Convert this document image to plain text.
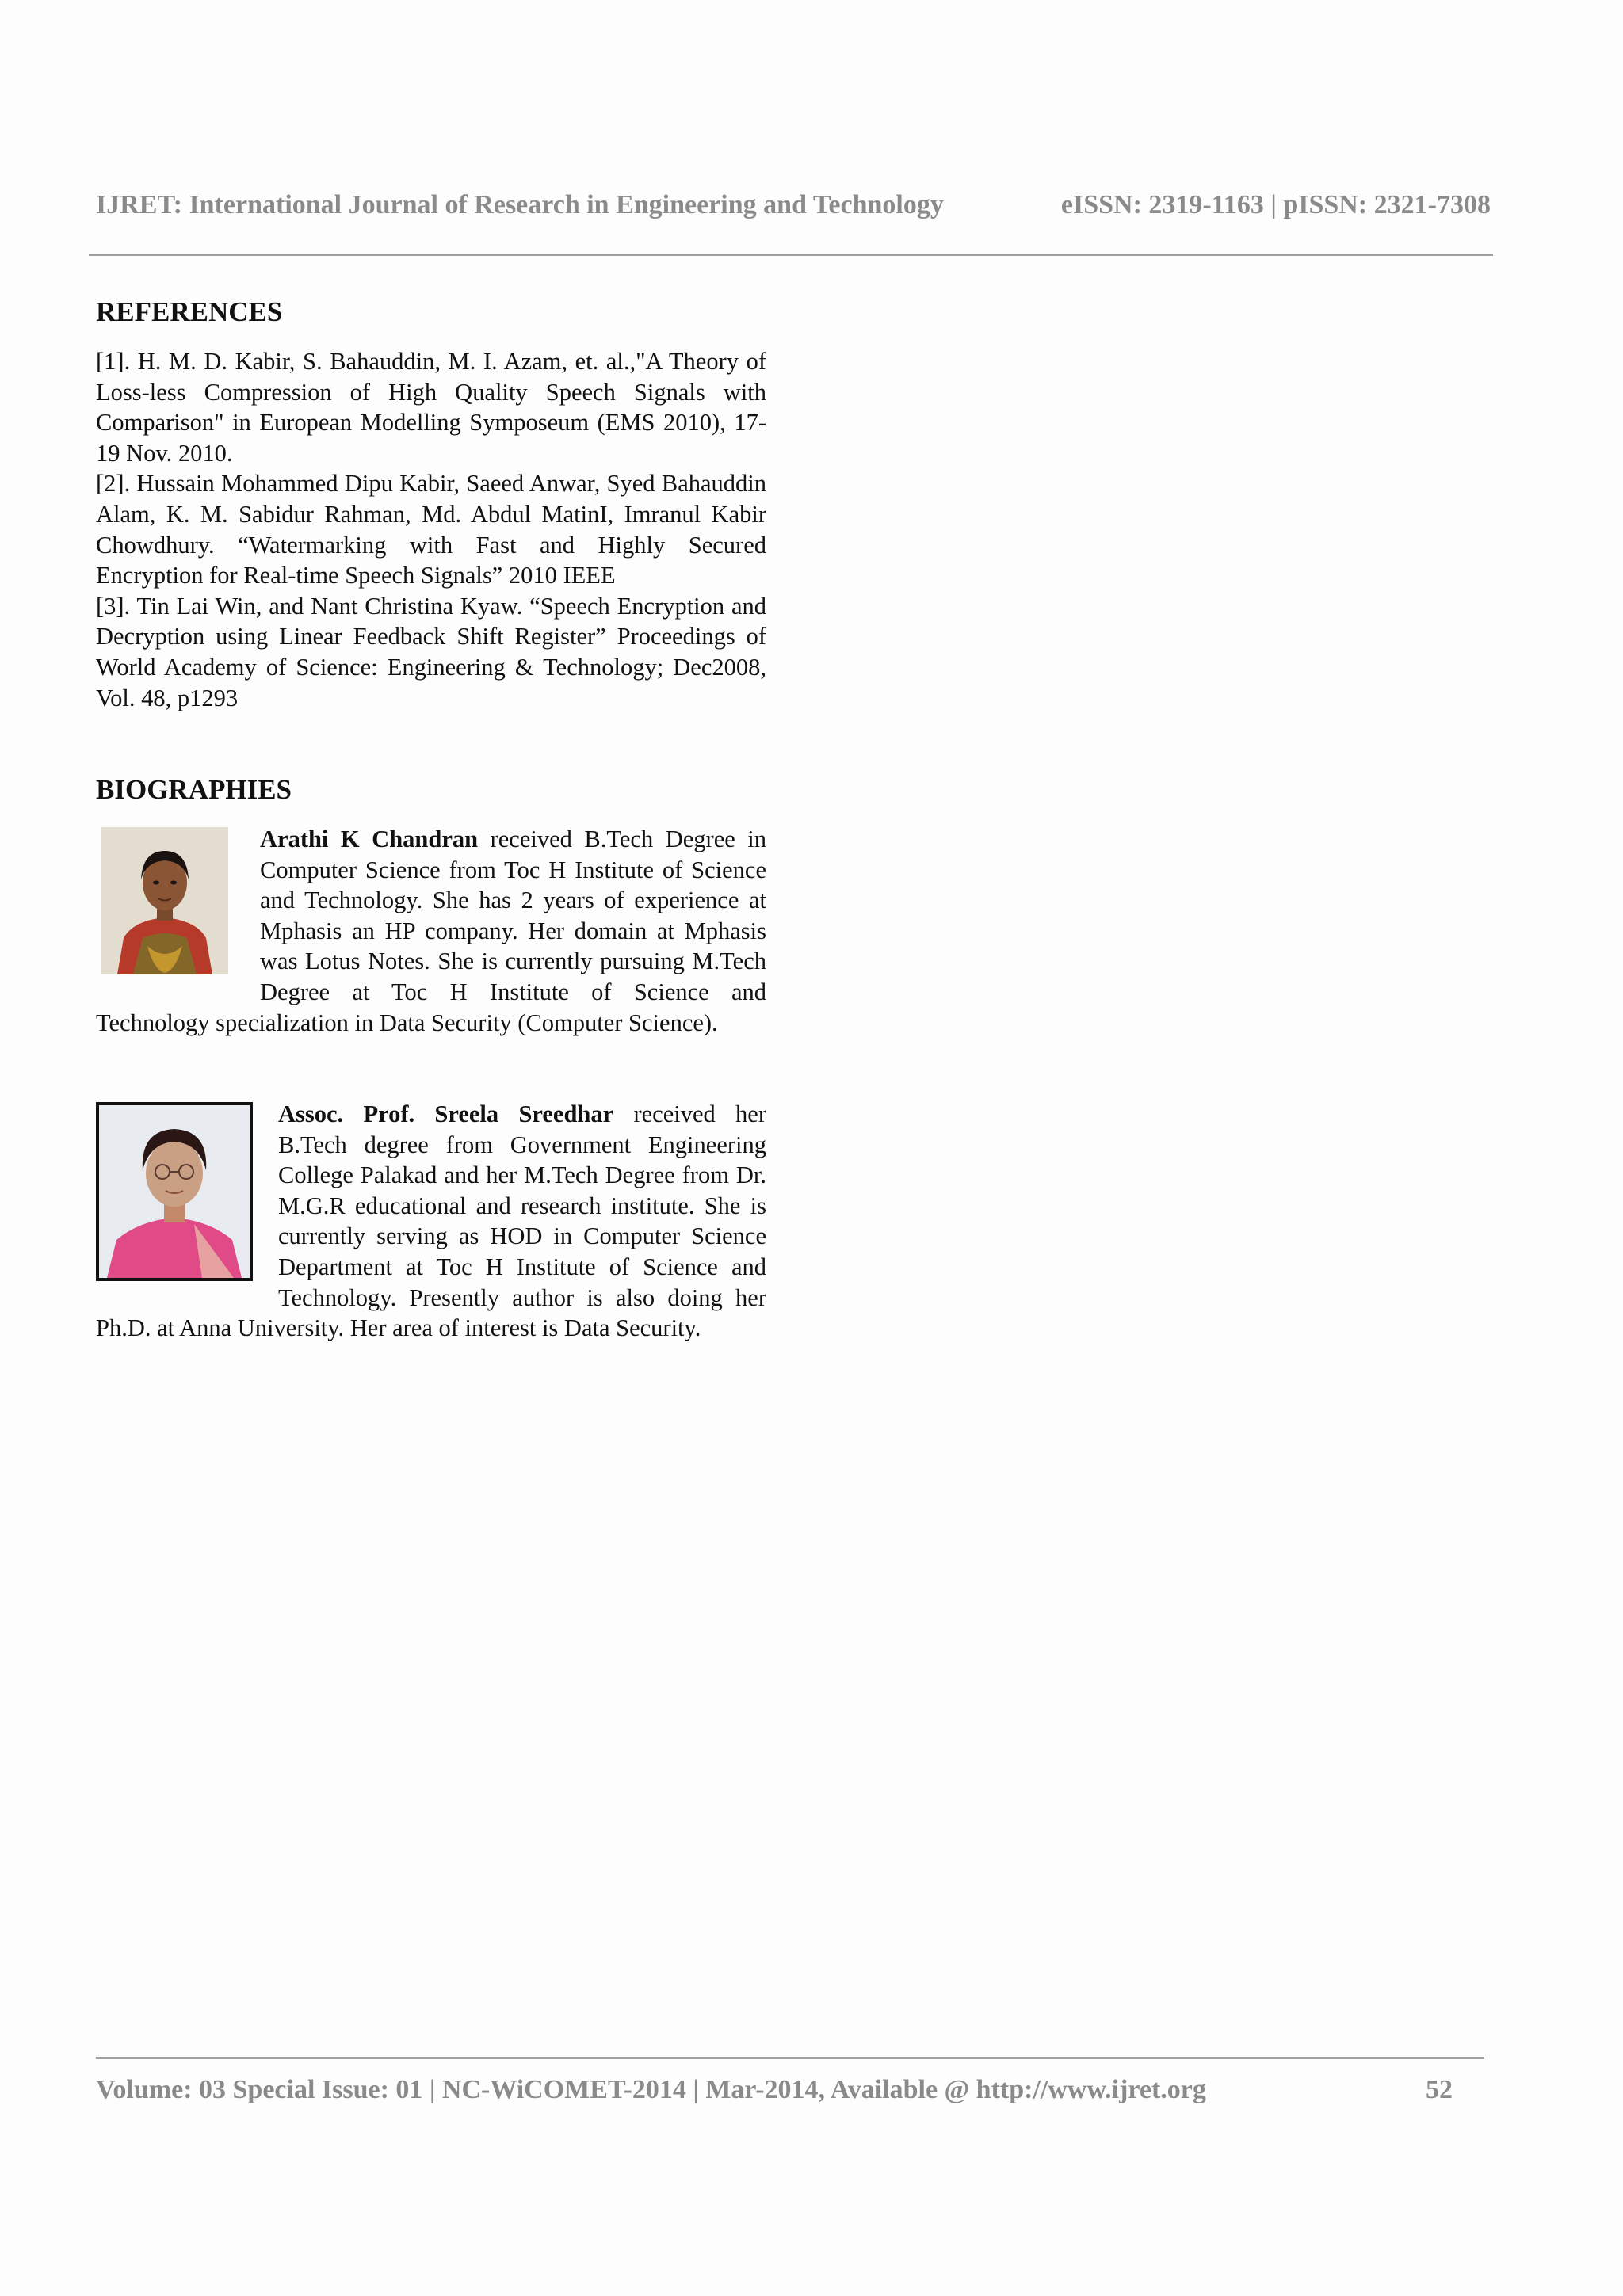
IJRET: International Journal of Research in Engineering and Technology	eISSN: 2319-1163 | pISSN: 2321-7308
REFERENCES

[1]. H. M. D. Kabir, S. Bahauddin, M. I. Azam, et. al.,"A Theory of Loss-less Compression of High Quality Speech Signals with Comparison" in European Modelling Symposeum (EMS 2010), 17-19 Nov. 2010.

[2]. Hussain Mohammed Dipu Kabir, Saeed Anwar, Syed Bahauddin Alam, K. M. Sabidur Rahman, Md. Abdul MatinI, Imranul Kabir Chowdhury. “Watermarking with Fast and Highly Secured Encryption for Real-time Speech Signals” 2010 IEEE

[3]. Tin Lai Win, and Nant Christina Kyaw. “Speech Encryption and Decryption using Linear Feedback Shift Register” Proceedings of World Academy of Science: Engineering & Technology; Dec2008, Vol. 48, p1293

BIOGRAPHIES

Arathi K Chandran received B.Tech Degree in Computer Science from Toc H Institute of Science and Technology. She has 2 years of experience at Mphasis an HP company. Her domain at Mphasis was Lotus Notes. She is currently pursuing M.Tech Degree at Toc H Institute of Science and Technology specialization in Data Security (Computer Science).

Assoc. Prof. Sreela Sreedhar received her B.Tech degree from Government Engineering College Palakad and her M.Tech Degree from Dr. M.G.R educational and research institute. She is currently serving as HOD in Computer Science Department at Toc H Institute of Science and Technology. Presently author is also doing her Ph.D. at Anna University. Her area of interest is Data Security.

Volume: 03 Special Issue: 01 | NC-WiCOMET-2014 | Mar-2014, Available @ http://www.ijret.org	52
